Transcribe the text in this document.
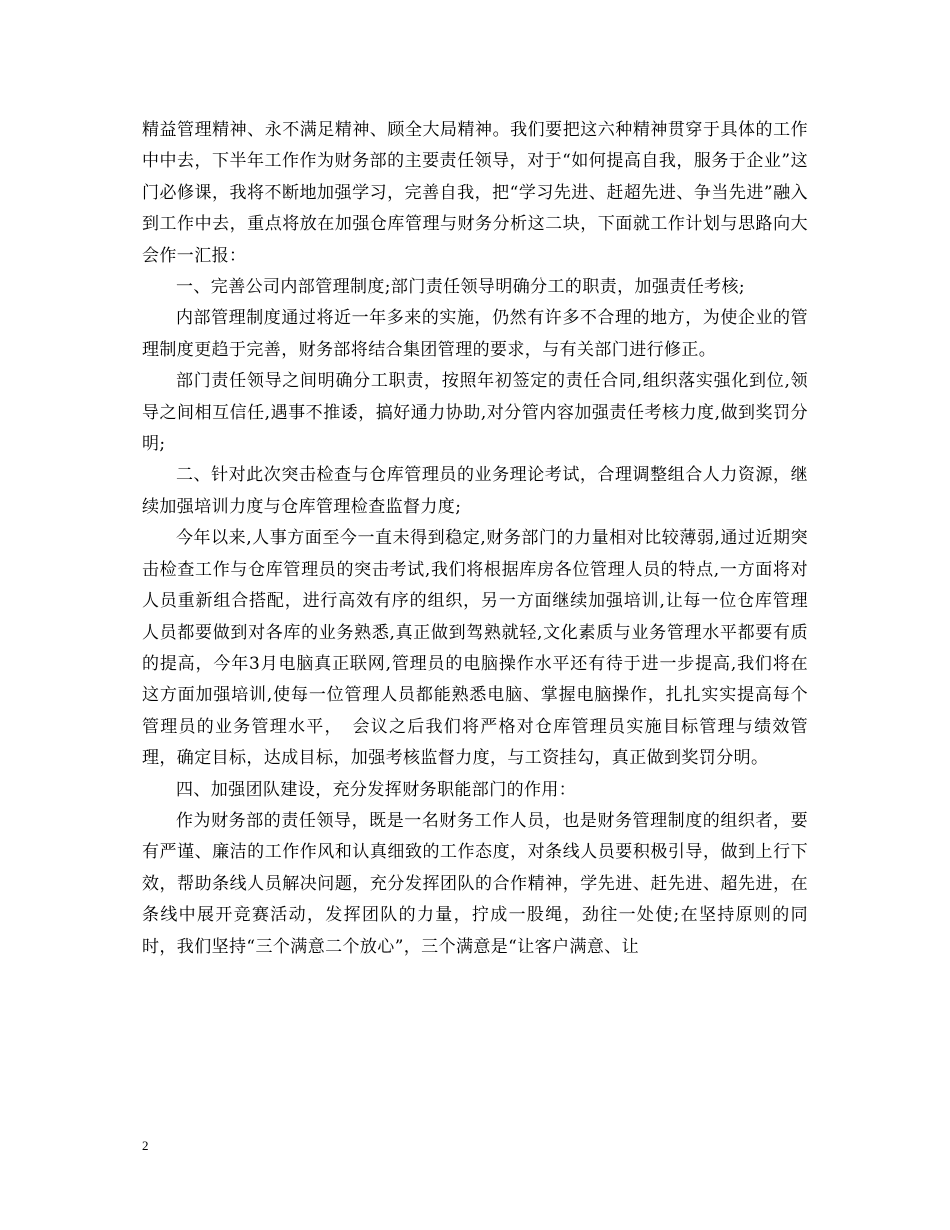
精益管理精神、永不满足精神、顾全大局精神。我们要把这六种精神贯穿于具体的工作中中去，下半年工作作为财务部的主要责任领导，对于“如何提高自我，服务于企业”这门必修课，我将不断地加强学习，完善自我，把“学习先进、赶超先进、争当先进”融入到工作中去，重点将放在加强仓库管理与财务分析这二块，下面就工作计划与思路向大会作一汇报：

一、完善公司内部管理制度;部门责任领导明确分工的职责，加强责任考核;

内部管理制度通过将近一年多来的实施，仍然有许多不合理的地方，为使企业的管理制度更趋于完善，财务部将结合集团管理的要求，与有关部门进行修正。

部门责任领导之间明确分工职责，按照年初签定的责任合同,组织落实强化到位,领导之间相互信任,遇事不推诿，搞好通力协助,对分管内容加强责任考核力度,做到奖罚分明;

二、针对此次突击检查与仓库管理员的业务理论考试，合理调整组合人力资源，继续加强培训力度与仓库管理检查监督力度;

今年以来,人事方面至今一直未得到稳定,财务部门的力量相对比较薄弱,通过近期突击检查工作与仓库管理员的突击考试,我们将根据库房各位管理人员的特点,一方面将对人员重新组合搭配，进行高效有序的组织，另一方面继续加强培训,让每一位仓库管理人员都要做到对各库的业务熟悉,真正做到驾熟就轻,文化素质与业务管理水平都要有质的提高，今年3月电脑真正联网,管理员的电脑操作水平还有待于进一步提高,我们将在这方面加强培训,使每一位管理人员都能熟悉电脑、掌握电脑操作，扎扎实实提高每个管理员的业务管理水平，　会议之后我们将严格对仓库管理员实施目标管理与绩效管理，确定目标，达成目标，加强考核监督力度，与工资挂勾，真正做到奖罚分明。

四、加强团队建设，充分发挥财务职能部门的作用：

作为财务部的责任领导，既是一名财务工作人员，也是财务管理制度的组织者，要有严谨、廉洁的工作作风和认真细致的工作态度，对条线人员要积极引导，做到上行下效，帮助条线人员解决问题，充分发挥团队的合作精神，学先进、赶先进、超先进，在条线中展开竞赛活动，发挥团队的力量，拧成一股绳，劲往一处使;在坚持原则的同时，我们坚持“三个满意二个放心”，三个满意是“让客户满意、让

2
